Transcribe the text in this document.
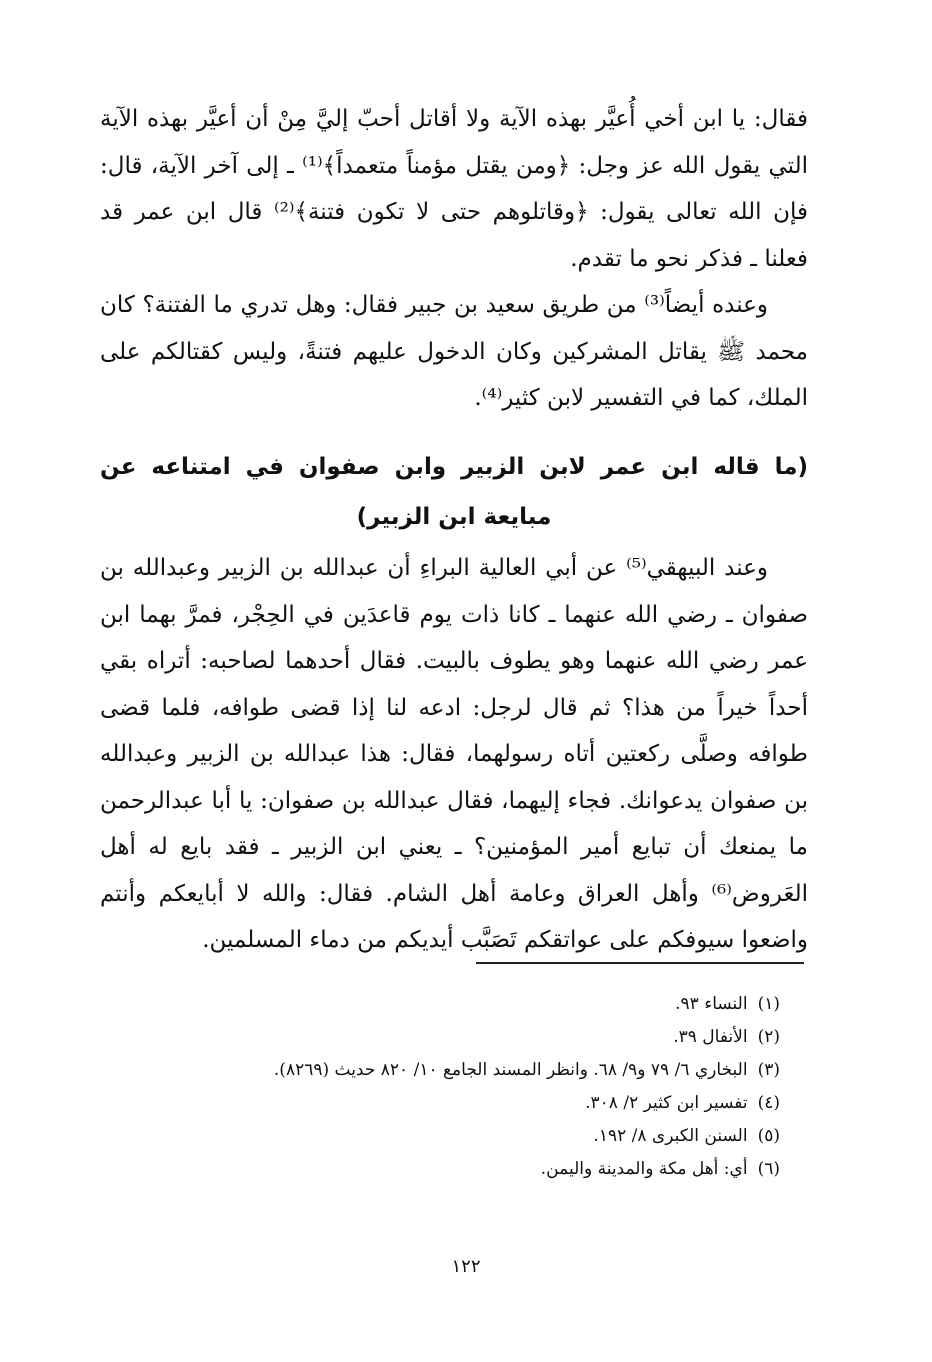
فقال: يا ابن أخي أُعيَّر بهذه الآية ولا أقاتل أحبّ إليَّ مِنْ أن أعيَّر بهذه الآية التي يقول الله عز وجل: ﴿ومن يقتل مؤمناً متعمداً﴾⁽¹⁾ ـ إلى آخر الآية، قال: فإن الله تعالى يقول: ﴿وقاتلوهم حتى لا تكون فتنة﴾⁽²⁾ قال ابن عمر قد فعلنا ـ فذكر نحو ما تقدم.

وعنده أيضاً⁽³⁾ من طريق سعيد بن جبير فقال: وهل تدري ما الفتنة؟ كان محمد ﷺ يقاتل المشركين وكان الدخول عليهم فتنةً، وليس كقتالكم على الملك، كما في التفسير لابن كثير⁽⁴⁾.

(ما قاله ابن عمر لابن الزبير وابن صفوان في امتناعه عن مبايعة ابن الزبير)

وعند البيهقي⁽⁵⁾ عن أبي العالية البراءِ أن عبدالله بن الزبير وعبدالله بن صفوان ـ رضي الله عنهما ـ كانا ذات يوم قاعدَين في الحِجْر، فمرَّ بهما ابن عمر رضي الله عنهما وهو يطوف بالبيت. فقال أحدهما لصاحبه: أتراه بقي أحداً خيراً من هذا؟ ثم قال لرجل: ادعه لنا إذا قضى طوافه، فلما قضى طوافه وصلَّى ركعتين أتاه رسولهما، فقال: هذا عبدالله بن الزبير وعبدالله بن صفوان يدعوانك. فجاء إليهما، فقال عبدالله بن صفوان: يا أبا عبدالرحمن ما يمنعك أن تبايع أمير المؤمنين؟ ـ يعني ابن الزبير ـ فقد بايع له أهل العَروض⁽⁶⁾ وأهل العراق وعامة أهل الشام. فقال: والله لا أبايعكم وأنتم واضعوا سيوفكم على عواتقكم تَصَبَّب أيديكم من دماء المسلمين.

(١)النساء ٩٣.
(٢)الأنفال ٣٩.
(٣)البخاري ٦/ ٧٩ و٩/ ٦٨. وانظر المسند الجامع ١٠/ ٨٢٠ حديث (٨٢٦٩).
(٤)تفسير ابن كثير ٢/ ٣٠٨.
(٥)السنن الكبرى ٨/ ١٩٢.
(٦)أي: أهل مكة والمدينة واليمن.
١٢٢
